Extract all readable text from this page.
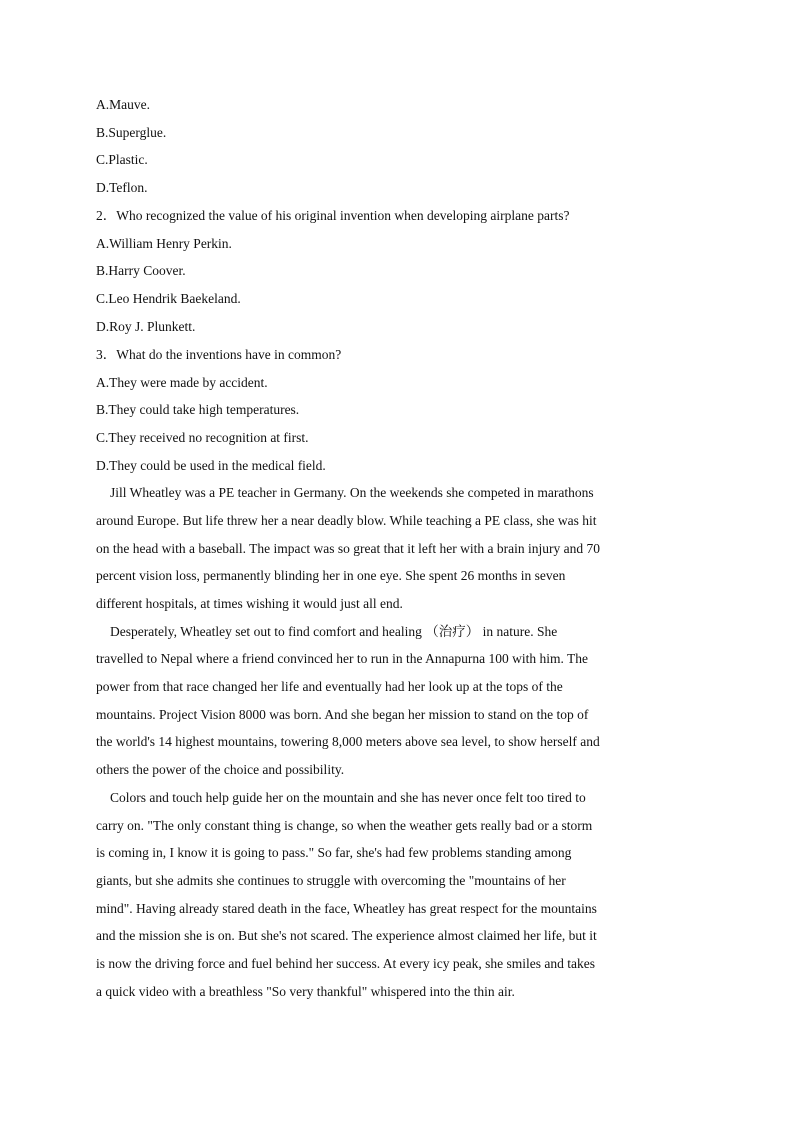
A.Mauve.

B.Superglue.

C.Plastic.

D.Teflon.

2．Who recognized the value of his original invention when developing airplane parts?

A.William Henry Perkin.

B.Harry Coover.

C.Leo Hendrik Baekeland.

D.Roy J. Plunkett.

3．What do the inventions have in common?

A.They were made by accident.

B.They could take high temperatures.

C.They received no recognition at first.

D.They could be used in the medical field.

Jill Wheatley was a PE teacher in Germany. On the weekends she competed in marathons

around Europe. But life threw her a near deadly blow. While teaching a PE class, she was hit

on the head with a baseball. The impact was so great that it left her with a brain injury and 70

percent vision loss, permanently blinding her in one eye. She spent 26 months in seven

different hospitals, at times wishing it would just all end.

Desperately, Wheatley set out to find comfort and healing （治疗） in nature. She

travelled to Nepal where a friend convinced her to run in the Annapurna 100 with him. The

power from that race changed her life and eventually had her look up at the tops of the

mountains. Project Vision 8000 was born. And she began her mission to stand on the top of

the world's 14 highest mountains, towering 8,000 meters above sea level, to show herself and

others the power of the choice and possibility.

Colors and touch help guide her on the mountain and she has never once felt too tired to

carry on. "The only constant thing is change, so when the weather gets really bad or a storm

is coming in, I know it is going to pass." So far, she's had few problems standing among

giants, but she admits she continues to struggle with overcoming the "mountains of her

mind". Having already stared death in the face, Wheatley has great respect for the mountains

and the mission she is on. But she's not scared. The experience almost claimed her life, but it

is now the driving force and fuel behind her success. At every icy peak, she smiles and takes

a quick video with a breathless "So very thankful" whispered into the thin air.
